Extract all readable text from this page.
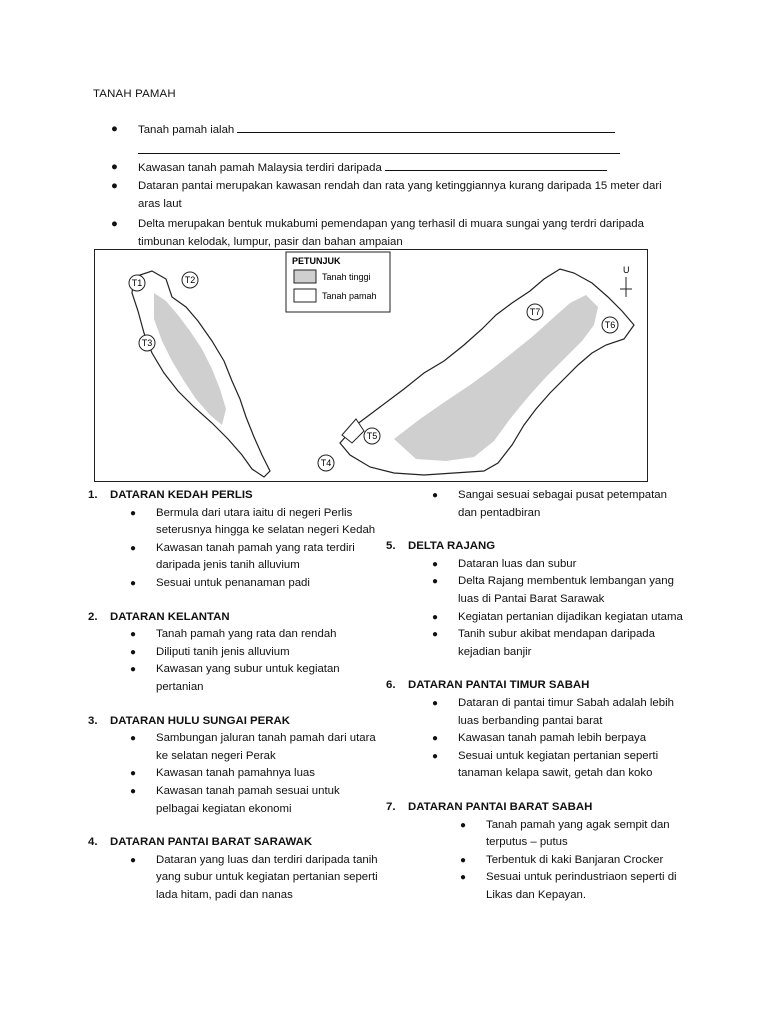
TANAH PAMAH
● Tanah pamah ialah
● Kawasan tanah pamah Malaysia terdiri daripada
● Dataran pantai merupakan kawasan rendah dan rata yang ketinggiannya kurang daripada 15 meter dari aras laut
● Delta merupakan bentuk mukabumi pemendapan yang terhasil di muara sungai yang terdri daripada timbunan kelodak, lumpur, pasir dan bahan ampaian
PETUNJUK
Tanah tinggi
Tanah pamah
U
T1	T2
T3
T4
T5
T6
T7
1.	DATARAN KEDAH PERLIS
● Bermula dari utara iaitu di negeri Perlis seterusnya hingga ke selatan negeri Kedah
● Kawasan tanah pamah yang rata terdiri daripada jenis tanih alluvium
● Sesuai untuk penanaman padi
2.	DATARAN KELANTAN
● Tanah pamah yang rata dan rendah
● Diliputi tanih jenis alluvium
● Kawasan yang subur untuk kegiatan pertanian
3.	DATARAN HULU SUNGAI PERAK
● Sambungan jaluran tanah pamah dari utara ke selatan negeri Perak
● Kawasan tanah pamahnya luas
● Kawasan tanah pamah sesuai untuk pelbagai kegiatan ekonomi
4.	DATARAN PANTAI BARAT SARAWAK
● Dataran yang luas dan terdiri daripada tanih yang subur untuk kegiatan pertanian seperti lada hitam, padi dan nanas
● Sangai sesuai sebagai pusat petempatan dan pentadbiran
5.	DELTA RAJANG
● Dataran luas dan subur
● Delta Rajang membentuk lembangan yang luas di Pantai Barat Sarawak
● Kegiatan pertanian dijadikan kegiatan utama
● Tanih subur akibat mendapan daripada kejadian banjir
6.	DATARAN PANTAI TIMUR SABAH
● Dataran di pantai timur Sabah adalah lebih luas berbanding pantai barat
● Kawasan tanah pamah lebih berpaya
● Sesuai untuk kegiatan pertanian seperti tanaman kelapa sawit, getah dan koko
7.	DATARAN PANTAI BARAT SABAH
● Tanah pamah yang agak sempit dan terputus – putus
● Terbentuk di kaki Banjaran Crocker
● Sesuai untuk perindustriaon seperti di Likas dan Kepayan.
